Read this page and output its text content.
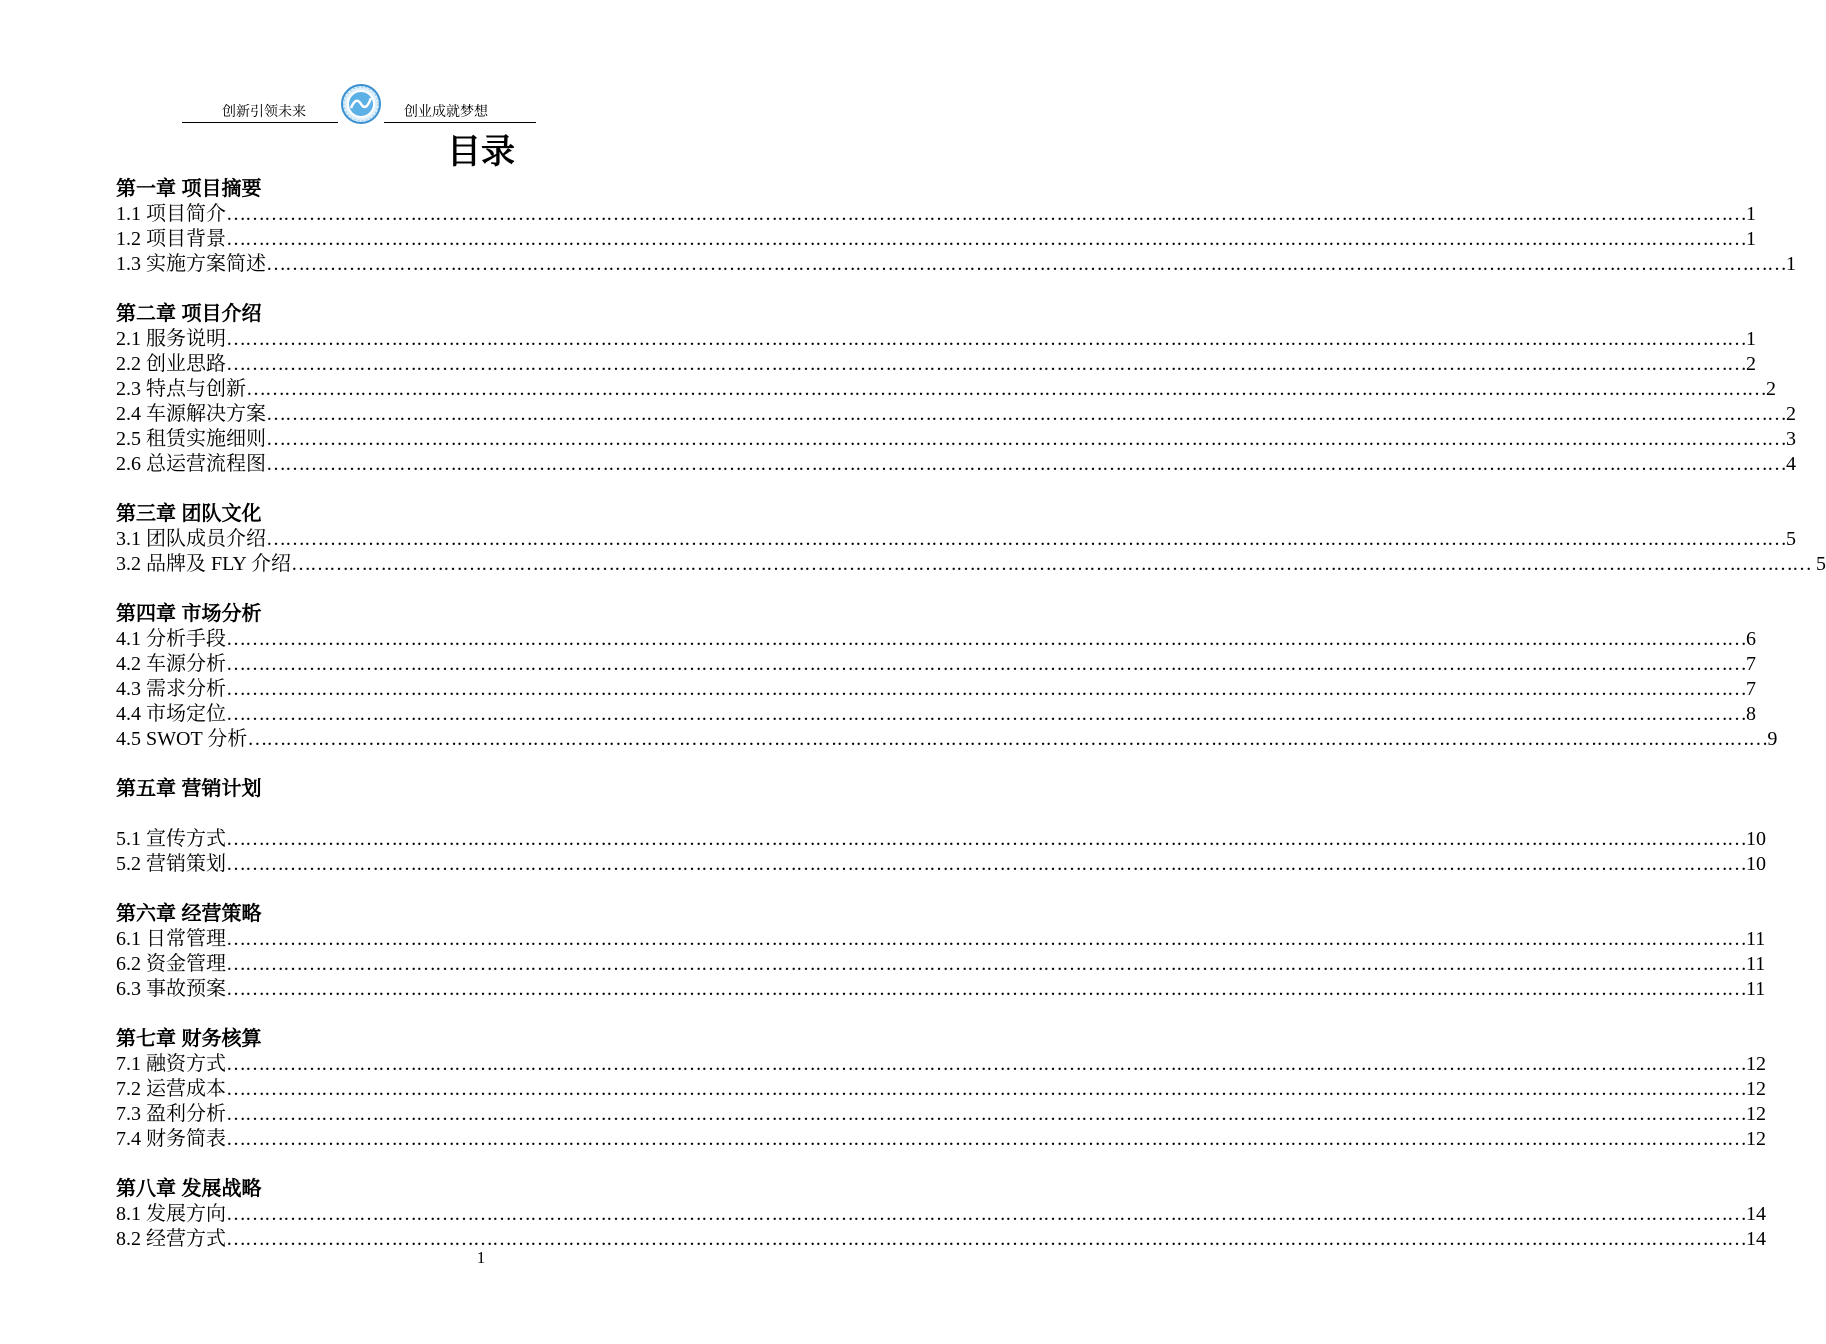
创新引领未来	创业成就梦想
目录
第一章 项目摘要
1.1 项目简介 …………………………………………………………………………………………………………………………………………………………………………………………………………………… 1
1.2 项目背景 …………………………………………………………………………………………………………………………………………………………………………………………………………………… 1
1.3 实施方案简述 …………………………………………………………………………………………………………………………………………………………………………………………………………………… 1
第二章 项目介绍
2.1 服务说明 …………………………………………………………………………………………………………………………………………………………………………………………………………………… 1
2.2 创业思路 …………………………………………………………………………………………………………………………………………………………………………………………………………………… 2
2.3 特点与创新 …………………………………………………………………………………………………………………………………………………………………………………………………………………… 2
2.4 车源解决方案 …………………………………………………………………………………………………………………………………………………………………………………………………………………… 2
2.5 租赁实施细则 …………………………………………………………………………………………………………………………………………………………………………………………………………………… 3
2.6 总运营流程图 …………………………………………………………………………………………………………………………………………………………………………………………………………………… 4
第三章 团队文化
3.1 团队成员介绍 …………………………………………………………………………………………………………………………………………………………………………………………………………………… 5
3.2 品牌及 FLY 介绍 …………………………………………………………………………………………………………………………………………………………………………………………………………………… 5
第四章 市场分析
4.1 分析手段 …………………………………………………………………………………………………………………………………………………………………………………………………………………… 6
4.2 车源分析 …………………………………………………………………………………………………………………………………………………………………………………………………………………… 7
4.3 需求分析 …………………………………………………………………………………………………………………………………………………………………………………………………………………… 7
4.4 市场定位 …………………………………………………………………………………………………………………………………………………………………………………………………………………… 8
4.5 SWOT 分析 …………………………………………………………………………………………………………………………………………………………………………………………………………………… 9
第五章 营销计划
5.1 宣传方式 …………………………………………………………………………………………………………………………………………………………………………………………………………………… 10
5.2 营销策划 …………………………………………………………………………………………………………………………………………………………………………………………………………………… 10
第六章 经营策略
6.1 日常管理 …………………………………………………………………………………………………………………………………………………………………………………………………………………… 11
6.2 资金管理 …………………………………………………………………………………………………………………………………………………………………………………………………………………… 11
6.3 事故预案 …………………………………………………………………………………………………………………………………………………………………………………………………………………… 11
第七章 财务核算
7.1 融资方式 …………………………………………………………………………………………………………………………………………………………………………………………………………………… 12
7.2 运营成本 …………………………………………………………………………………………………………………………………………………………………………………………………………………… 12
7.3 盈利分析 …………………………………………………………………………………………………………………………………………………………………………………………………………………… 12
7.4 财务简表 …………………………………………………………………………………………………………………………………………………………………………………………………………………… 12
第八章 发展战略
8.1 发展方向 …………………………………………………………………………………………………………………………………………………………………………………………………………………… 14
8.2 经营方式 …………………………………………………………………………………………………………………………………………………………………………………………………………………… 14
1
